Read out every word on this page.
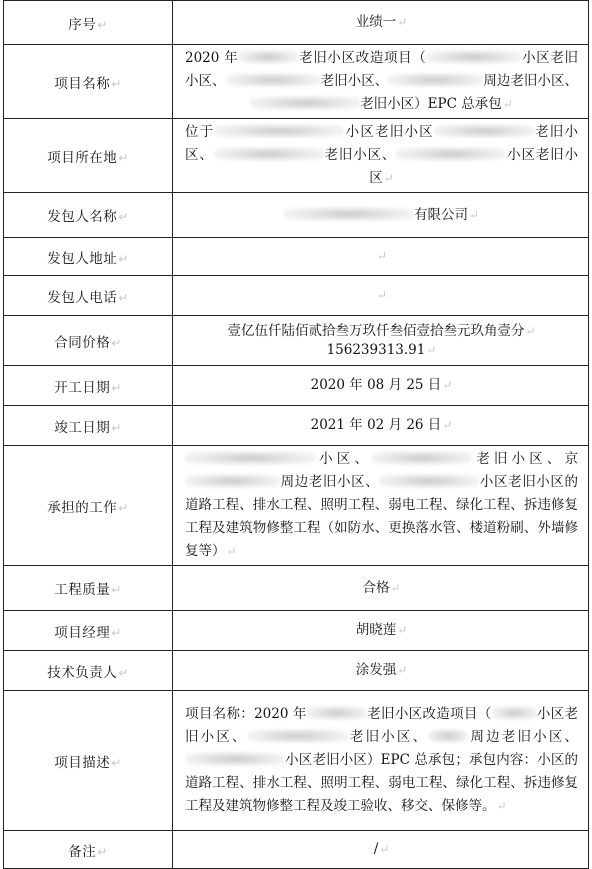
序号↵	业绩一↵
项目名称↵	2020 年 老旧小区改造项目（ 小区老旧小区、 老旧小区、 周边老旧小区、老旧小区）EPC 总承包↵
项目所在地↵	位于 小区老旧小区 老旧小区、 老旧小区、 小区老旧小区↵
发包人名称↵	有限公司↵
发包人地址↵	↵
发包人电话↵	↵
合同价格↵	壹亿伍仟陆佰贰拾叁万玖仟叁佰壹拾叁元玖角壹分↵
156239313.91↵
开工日期↵	2020 年 08 月 25 日↵
竣工日期↵	2021 年 02 月 26 日↵
承担的工作↵	小区、 老旧小区、京周边老旧小区、 小区老旧小区的道路工程、排水工程、照明工程、弱电工程、绿化工程、拆违修复工程及建筑物修整工程（如防水、更换落水管、楼道粉刷、外墙修复等）↵
工程质量↵	合格↵
项目经理↵	胡晓莲↵
技术负责人↵	涂发强↵
项目描述↵	项目名称：2020 年 老旧小区改造项目（ 小区老旧小区、 老旧小区、 周边老旧小区、小区老旧小区）EPC 总承包；承包内容：小区的道路工程、排水工程、照明工程、弱电工程、绿化工程、拆违修复工程及建筑物修整工程及竣工验收、移交、保修等。↵
备注↵	/↵
